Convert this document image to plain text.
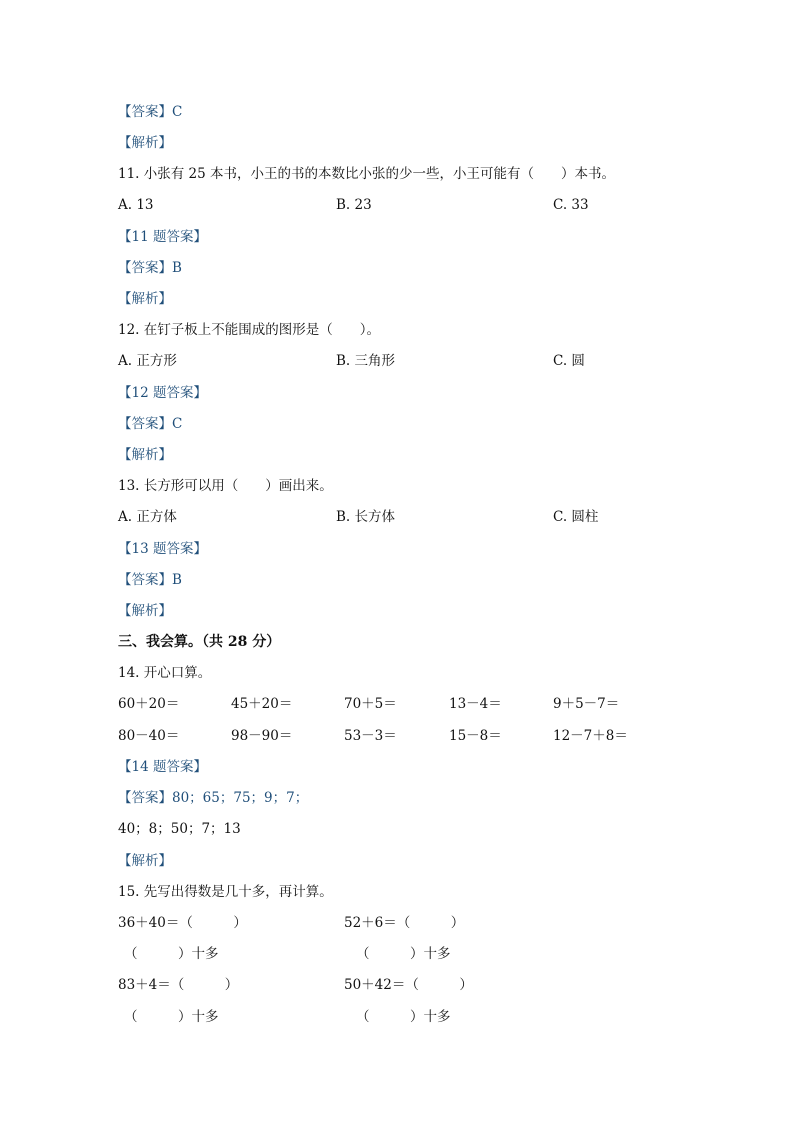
【答案】C
【解析】
11. 小张有 25 本书，小王的书的本数比小张的少一些，小王可能有（　　）本书。
A. 13	B. 23	C. 33
【11 题答案】
【答案】B
【解析】
12. 在钉子板上不能围成的图形是（　　）。
A. 正方形	B. 三角形	C. 圆
【12 题答案】
【答案】C
【解析】
13. 长方形可以用（　　）画出来。
A. 正方体	B. 长方体	C. 圆柱
【13 题答案】
【答案】B
【解析】
三、我会算。（共 28 分）
14. 开心口算。
60＋20＝	45＋20＝	70＋5＝	13－4＝	9＋5－7＝
80－40＝	98－90＝	53－3＝	15－8＝	12－7＋8＝
【14 题答案】
【答案】80；65；75；9；7；
40；8；50；7；13
【解析】
15. 先写出得数是几十多，再计算。
36＋40＝（　　　）	52＋6＝（　　　）
（　　　）十多	（　　　）十多
83＋4＝（　　　）	50＋42＝（　　　）
（　　　）十多	（　　　）十多
